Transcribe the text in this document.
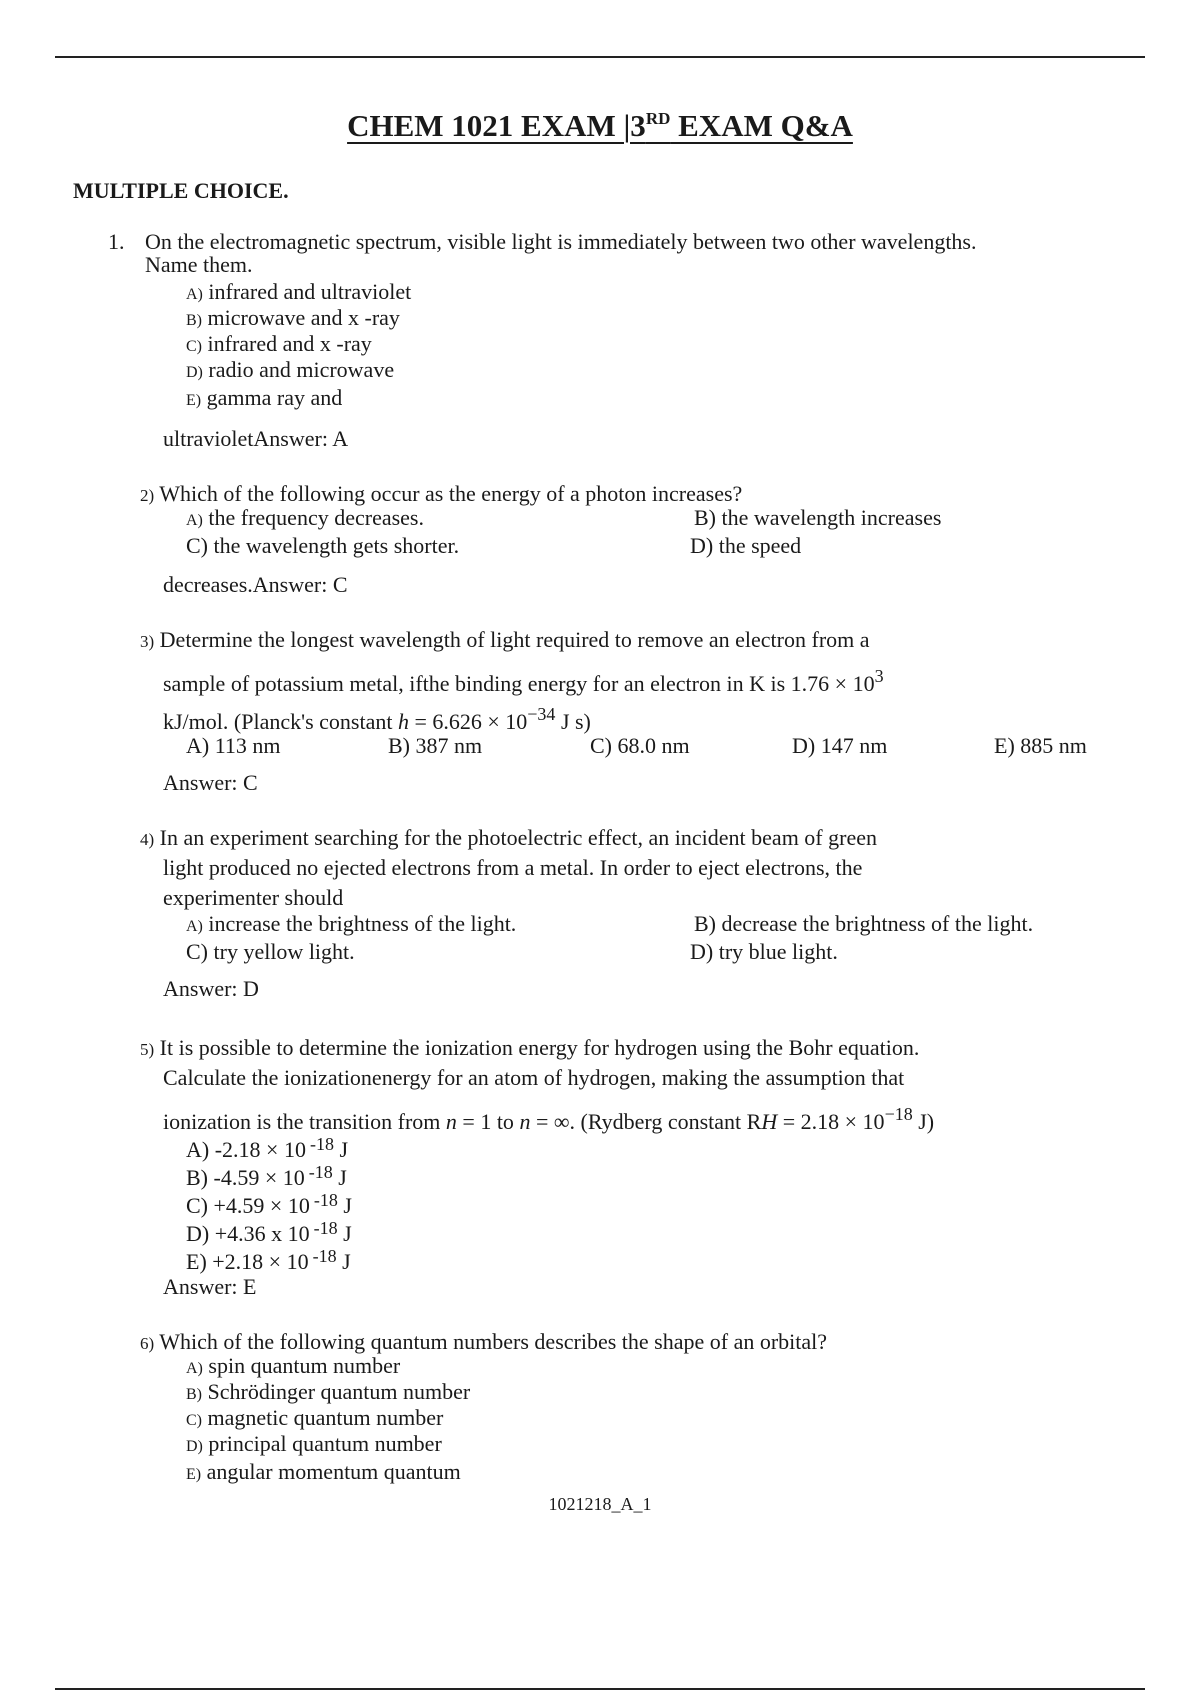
CHEM 1021 EXAM |3RD EXAM Q&A
MULTIPLE CHOICE.
1. On the electromagnetic spectrum, visible light is immediately between two other wavelengths.
Name them.
A) infrared and ultraviolet
B) microwave and x -ray
C) infrared and x -ray
D) radio and microwave
E) gamma ray and
ultravioletAnswer: A
2) Which of the following occur as the energy of a photon increases?
A) the frequency decreases.	B) the wavelength increases
C) the wavelength gets shorter.	D) the speed
decreases.Answer: C
3) Determine the longest wavelength of light required to remove an electron from a
sample of potassium metal, ifthe binding energy for an electron in K is $1.76 \times 10^3$
kJ/mol. (Planck's constant $h = 6.626 \times 10^{-34}$ J s)
A) 113 nm	B) 387 nm	C) 68.0 nm	D) 147 nm	E) 885 nm
Answer: C
4) In an experiment searching for the photoelectric effect, an incident beam of green
light produced no ejected electrons from a metal. In order to eject electrons, the
experimenter should
A) increase the brightness of the light.	B) decrease the brightness of the light.
C) try yellow light.	D) try blue light.
Answer: D
5) It is possible to determine the ionization energy for hydrogen using the Bohr equation.
Calculate the ionizationenergy for an atom of hydrogen, making the assumption that
ionization is the transition from n = 1 to n = ∞. (Rydberg constant RH = $2.18 \times 10^{-18}$ J)
A) -2.18 × 10 $^{-18}$ J
B) -4.59 × 10 $^{-18}$ J
C) +4.59 × 10 $^{-18}$ J
D) +4.36 x 10 $^{-18}$ J
E) +2.18 × 10 $^{-18}$ J
Answer: E
6) Which of the following quantum numbers describes the shape of an orbital?
A) spin quantum number
B) Schrödinger quantum number
C) magnetic quantum number
D) principal quantum number
E) angular momentum quantum
1021218_A_1
